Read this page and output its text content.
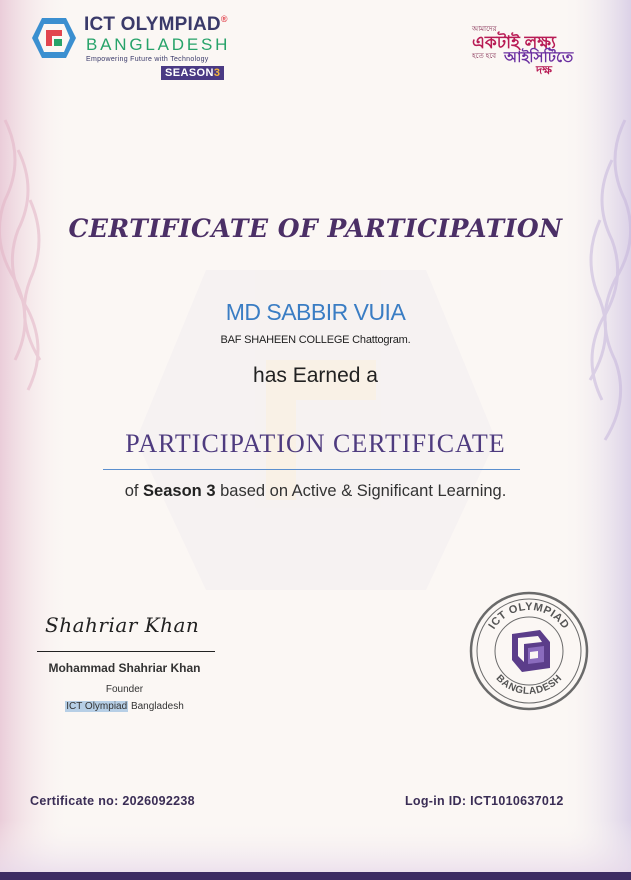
ICT OLYMPIAD®
BANGLADESH
Empowering Future with Technology
SEASON3
আমাদের
একটাই লক্ষ্য
হতে হবে আইসিটিতে
দক্ষ
CERTIFICATE OF PARTICIPATION
MD SABBIR VUIA
BAF SHAHEEN COLLEGE Chattogram.
has Earned a
PARTICIPATION CERTIFICATE
of Season 3 based on Active & Significant Learning.
Shahriar Khan
Mohammad Shahriar Khan
Founder
ICT Olympiad Bangladesh
ICT OLYMPIAD
BANGLADESH
Certificate no: 2026092238	Log-in ID: ICT1010637012
